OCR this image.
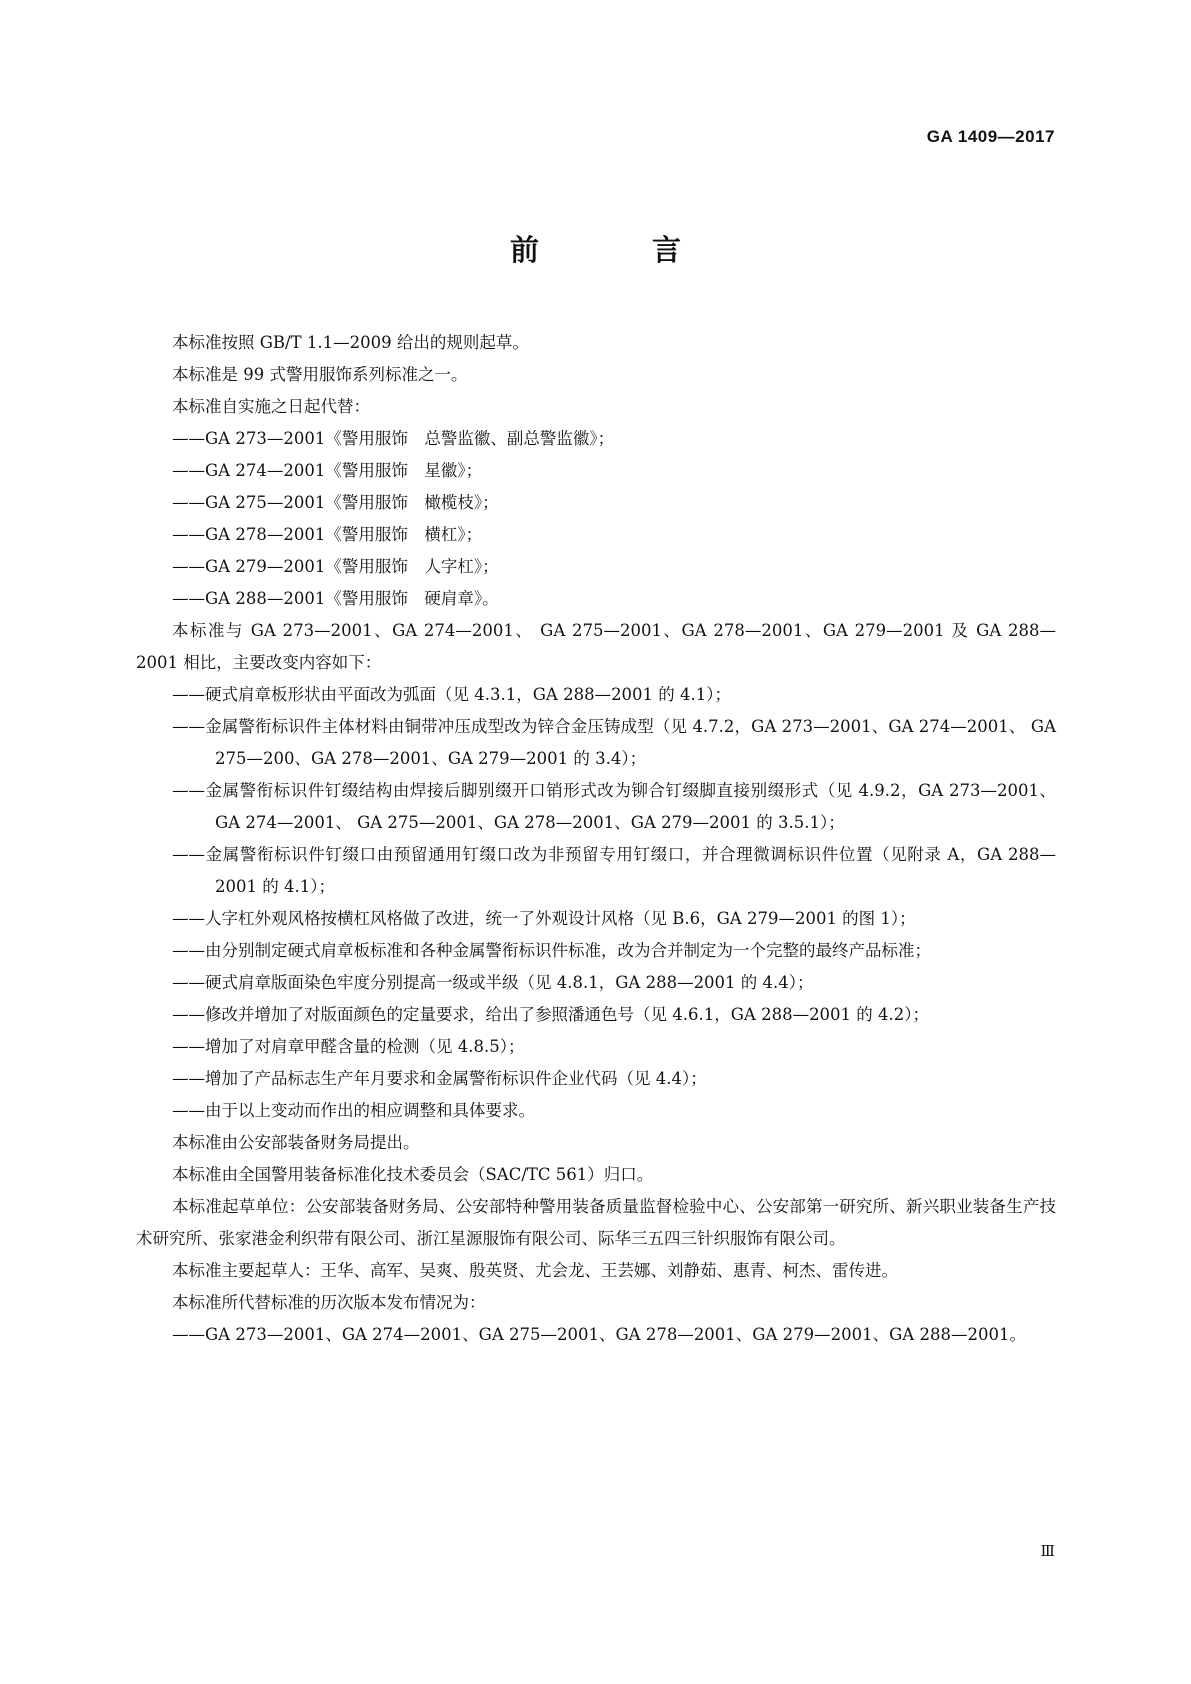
GA 1409—2017
前　言

本标准按照 GB/T 1.1—2009 给出的规则起草。

本标准是 99 式警用服饰系列标准之一。

本标准自实施之日起代替：

——GA 273—2001《警用服饰　总警监徽、副总警监徽》；

——GA 274—2001《警用服饰　星徽》；

——GA 275—2001《警用服饰　橄榄枝》；

——GA 278—2001《警用服饰　横杠》；

——GA 279—2001《警用服饰　人字杠》；

——GA 288—2001《警用服饰　硬肩章》。

本标准与 GA 273—2001、GA 274—2001、 GA 275—2001、GA 278—2001、GA 279—2001 及 GA 288—2001 相比，主要改变内容如下：

——硬式肩章板形状由平面改为弧面（见 4.3.1，GA 288—2001 的 4.1）；

——金属警衔标识件主体材料由铜带冲压成型改为锌合金压铸成型（见 4.7.2，GA 273—2001、GA 274—2001、 GA 275—200、GA 278—2001、GA 279—2001 的 3.4）；

——金属警衔标识件钉缀结构由焊接后脚别缀开口销形式改为铆合钉缀脚直接别缀形式（见 4.9.2，GA 273—2001、GA 274—2001、 GA 275—2001、GA 278—2001、GA 279—2001 的 3.5.1）；

——金属警衔标识件钉缀口由预留通用钉缀口改为非预留专用钉缀口，并合理微调标识件位置（见附录 A，GA 288—2001 的 4.1）；

——人字杠外观风格按横杠风格做了改进，统一了外观设计风格（见 B.6，GA 279—2001 的图 1）；

——由分别制定硬式肩章板标准和各种金属警衔标识件标准，改为合并制定为一个完整的最终产品标准；

——硬式肩章版面染色牢度分别提高一级或半级（见 4.8.1，GA 288—2001 的 4.4）；

——修改并增加了对版面颜色的定量要求，给出了参照潘通色号（见 4.6.1，GA 288—2001 的 4.2）；

——增加了对肩章甲醛含量的检测（见 4.8.5）；

——增加了产品标志生产年月要求和金属警衔标识件企业代码（见 4.4）；

——由于以上变动而作出的相应调整和具体要求。

本标准由公安部装备财务局提出。

本标准由全国警用装备标准化技术委员会（SAC/TC 561）归口。

本标准起草单位：公安部装备财务局、公安部特种警用装备质量监督检验中心、公安部第一研究所、新兴职业装备生产技术研究所、张家港金利织带有限公司、浙江星源服饰有限公司、际华三五四三针织服饰有限公司。

本标准主要起草人：王华、高军、吴爽、殷英贤、尤会龙、王芸娜、刘静茹、惠青、柯杰、雷传进。

本标准所代替标准的历次版本发布情况为：

——GA 273—2001、GA 274—2001、GA 275—2001、GA 278—2001、GA 279—2001、GA 288—2001。

Ⅲ
